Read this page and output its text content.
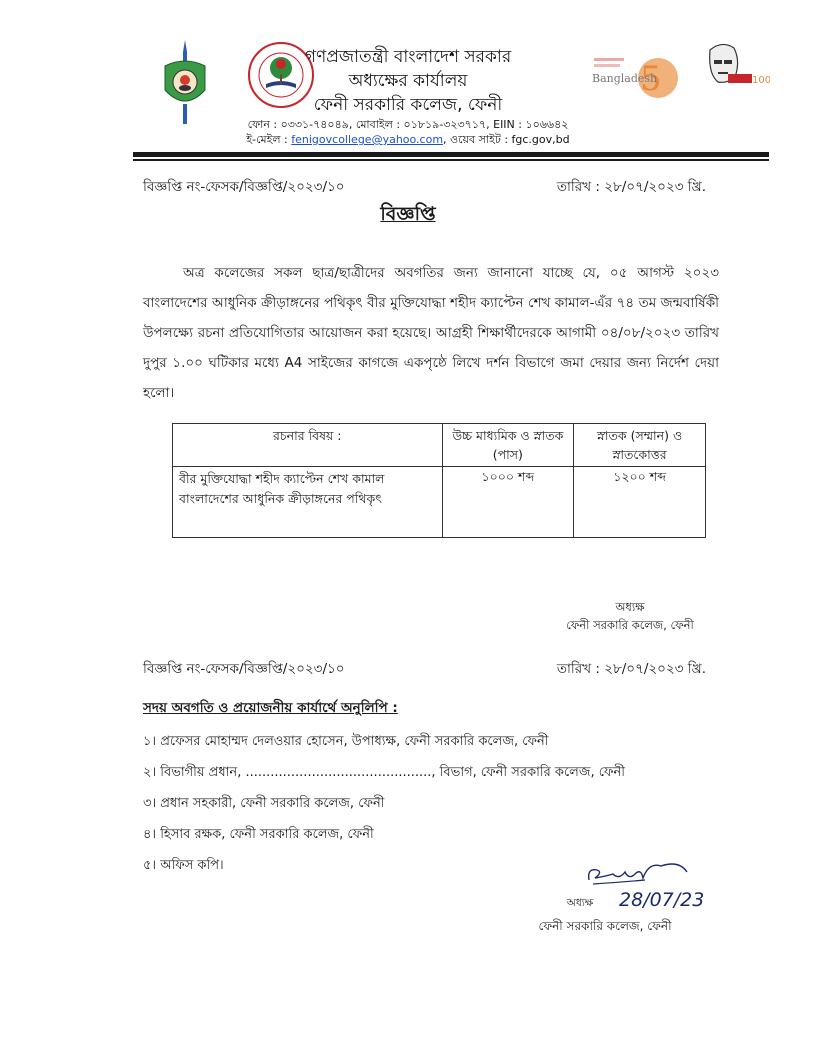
5
Bangladesh	100
গণপ্রজাতন্ত্রী বাংলাদেশ সরকার
অধ্যক্ষের কার্যালয়
ফেনী সরকারি কলেজ, ফেনী
ফোন : ০৩৩১-৭৪০৪৯, মোবাইল : ০১৮১৯-৩২৩৭১৭, EIIN : ১০৬৬৪২
ই-মেইল : fenigovcollege@yahoo.com, ওয়েব সাইট : fgc.gov,bd
বিজ্ঞপ্তি নং-ফেসক/বিজ্ঞপ্তি/২০২৩/১০	তারিখ : ২৮/০৭/২০২৩ খ্রি.
বিজ্ঞপ্তি
অত্র কলেজের সকল ছাত্র/ছাত্রীদের অবগতির জন্য জানানো যাচ্ছে যে, ০৫ আগস্ট ২০২৩ বাংলাদেশের আধুনিক ক্রীড়াঙ্গনের পথিকৃৎ বীর মুক্তিযোদ্ধা শহীদ ক্যাপ্টেন শেখ কামাল-এঁর ৭৪ তম জন্মবার্ষিকী উপলক্ষ্যে রচনা প্রতিযোগিতার আয়োজন করা হয়েছে। আগ্রহী শিক্ষার্থীদেরকে আগামী ০৪/০৮/২০২৩ তারিখ দুপুর ১.০০ ঘটিকার মধ্যে A4 সাইজের কাগজে একপৃষ্ঠে লিখে দর্শন বিভাগে জমা দেয়ার জন্য নির্দেশ দেয়া হলো।
রচনার বিষয় :	উচ্চ মাধ্যমিক ও স্নাতক (পাস)	স্নাতক (সম্মান) ও স্নাতকোত্তর
বীর মুক্তিযোদ্ধা শহীদ ক্যাপ্টেন শেখ কামাল বাংলাদেশের আধুনিক ক্রীড়াঙ্গনের পথিকৃৎ	১০০০ শব্দ	১২০০ শব্দ
অধ্যক্ষ
ফেনী সরকারি কলেজ, ফেনী
বিজ্ঞপ্তি নং-ফেসক/বিজ্ঞপ্তি/২০২৩/১০	তারিখ : ২৮/০৭/২০২৩ খ্রি.
সদয় অবগতি ও প্রয়োজনীয় কার্যার্থে অনুলিপি :
১। প্রফেসর মোহাম্মদ দেলওয়ার হোসেন, উপাধ্যক্ষ, ফেনী সরকারি কলেজ, ফেনী
২। বিভাগীয় প্রধান, ............................................., বিভাগ, ফেনী সরকারি কলেজ, ফেনী
৩। প্রধান সহকারী, ফেনী সরকারি কলেজ, ফেনী
৪। হিসাব রক্ষক, ফেনী সরকারি কলেজ, ফেনী
৫। অফিস কপি।
28/07/23
অধ্যক্ষ
ফেনী সরকারি কলেজ, ফেনী
